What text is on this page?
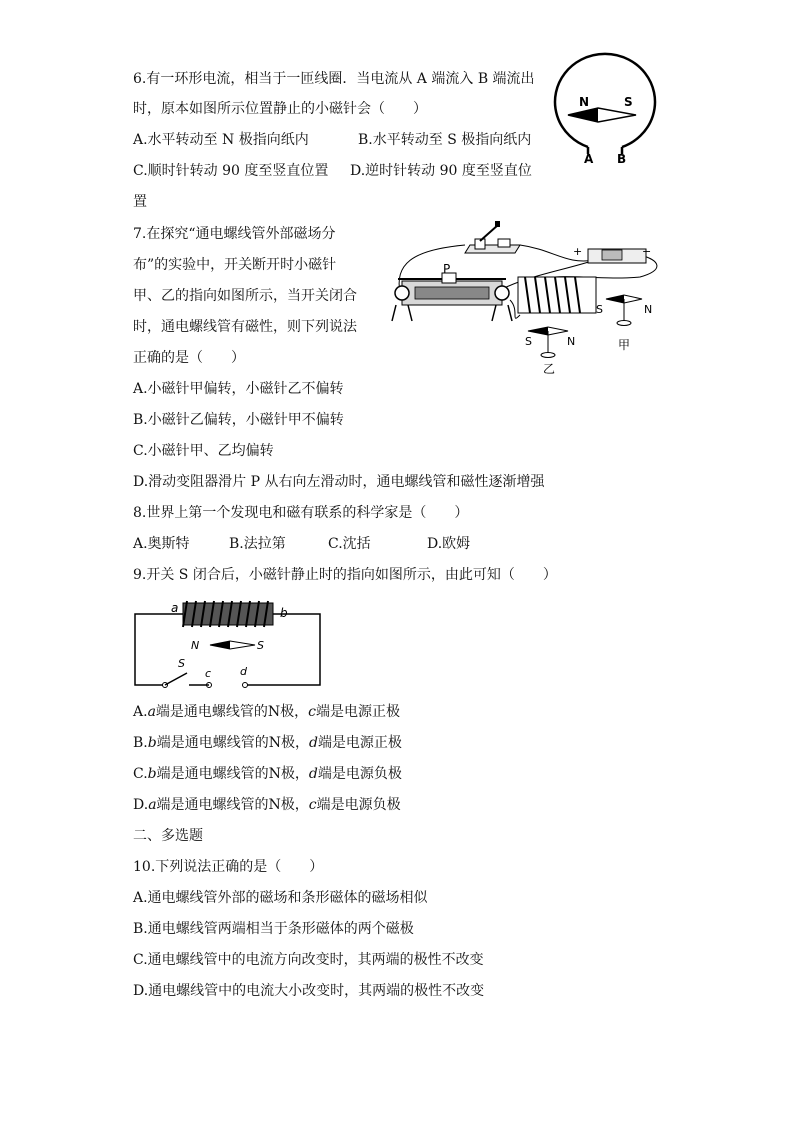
6.有一环形电流，相当于一匝线圈．当电流从 A 端流入 B 端流出
时，原本如图所示位置静止的小磁针会（　　）
A.水平转动至 N 极指向纸内	B.水平转动至 S 极指向纸内
C.顺时针转动 90 度至竖直位置 D.逆时针转动 90 度至竖直位
置
N	S
A B
7.在探究“通电螺线管外部磁场分
布”的实验中，开关断开时小磁针
甲、乙的指向如图所示，当开关闭合
时，通电螺线管有磁性，则下列说法
正确的是（　　）
A.小磁针甲偏转，小磁针乙不偏转
B.小磁针乙偏转，小磁针甲不偏转
C.小磁针甲、乙均偏转
D.滑动变阻器滑片 P 从右向左滑动时，通电螺线管和磁性逐渐增强
+	−
P
S	N
甲
S	N
乙
8.世界上第一个发现电和磁有联系的科学家是（　　）
A.奥斯特	B.法拉第	C.沈括	D.欧姆
9.开关 S 闭合后，小磁针静止时的指向如图所示，由此可知（　　）
a	b
N	S
S
c	d
A.a端是通电螺线管的N极，c端是电源正极
B.b端是通电螺线管的N极，d端是电源正极
C.b端是通电螺线管的N极，d端是电源负极
D.a端是通电螺线管的N极，c端是电源负极
二、多选题
10.下列说法正确的是（　　）
A.通电螺线管外部的磁场和条形磁体的磁场相似
B.通电螺线管两端相当于条形磁体的两个磁极
C.通电螺线管中的电流方向改变时，其两端的极性不改变
D.通电螺线管中的电流大小改变时，其两端的极性不改变
